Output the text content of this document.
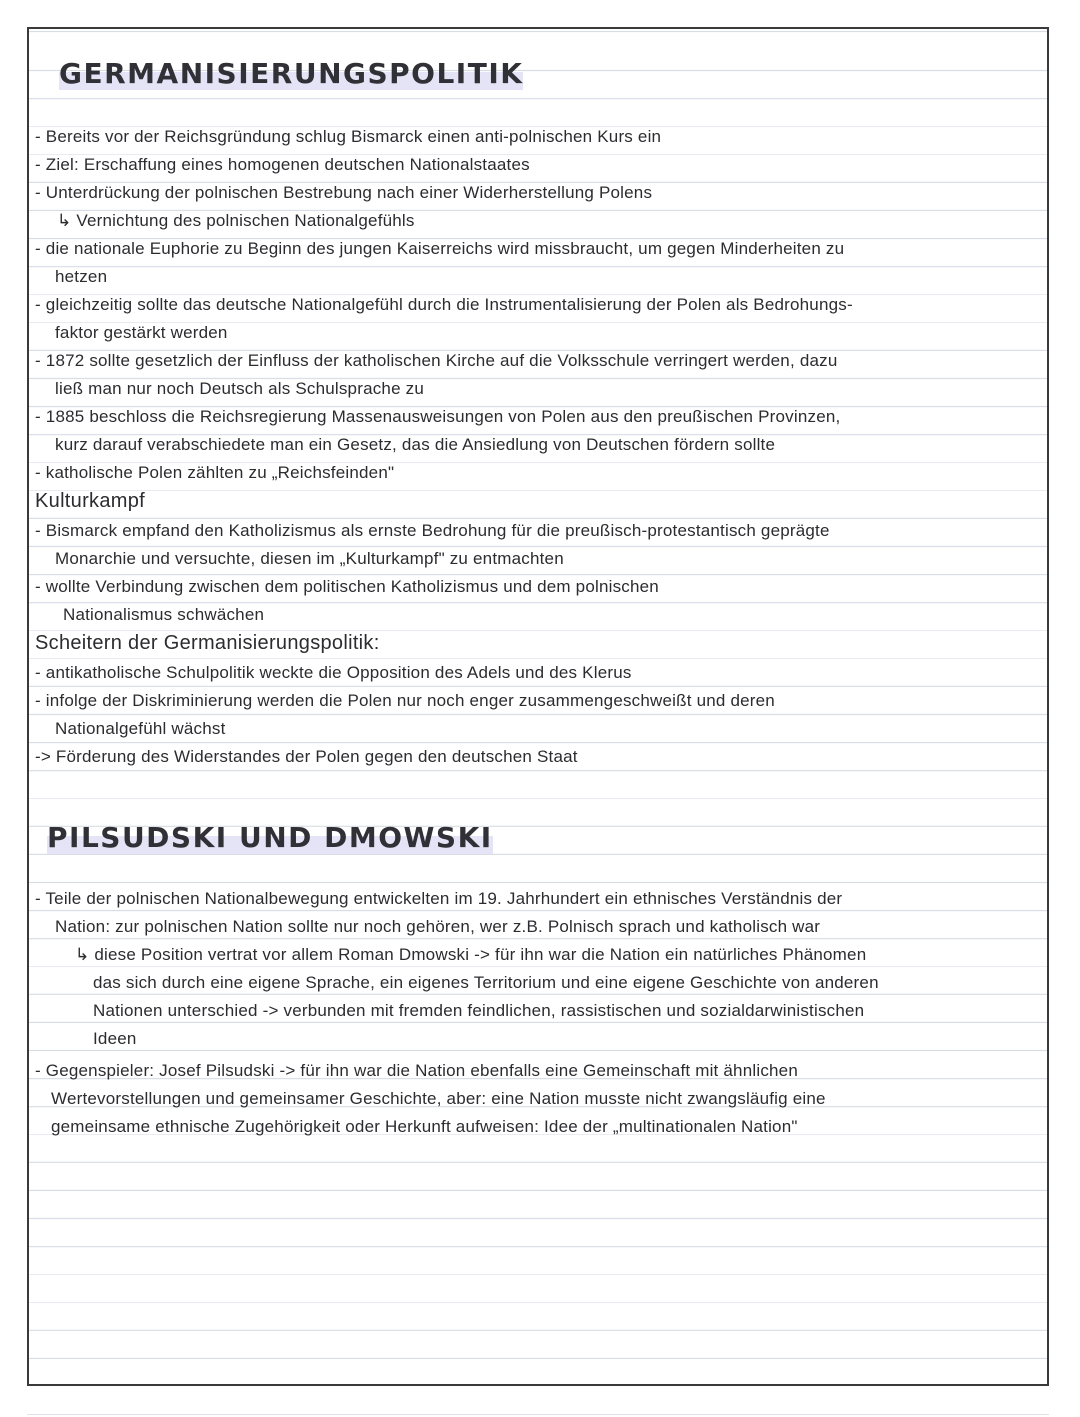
GERMANISIERUNGSPOLITIK
- Bereits vor der Reichsgründung schlug Bismarck einen anti-polnischen Kurs ein
- Ziel: Erschaffung eines homogenen deutschen Nationalstaates
- Unterdrückung der polnischen Bestrebung nach einer Widerherstellung Polens
↳ Vernichtung des polnischen Nationalgefühls
- die nationale Euphorie zu Beginn des jungen Kaiserreichs wird missbraucht, um gegen Minderheiten zu
hetzen
- gleichzeitig sollte das deutsche Nationalgefühl durch die Instrumentalisierung der Polen als Bedrohungs-
faktor gestärkt werden
- 1872 sollte gesetzlich der Einfluss der katholischen Kirche auf die Volksschule verringert werden, dazu
ließ man nur noch Deutsch als Schulsprache zu
- 1885 beschloss die Reichsregierung Massenausweisungen von Polen aus den preußischen Provinzen,
kurz darauf verabschiedete man ein Gesetz, das die Ansiedlung von Deutschen fördern sollte
- katholische Polen zählten zu „Reichsfeinden"
Kulturkampf
- Bismarck empfand den Katholizismus als ernste Bedrohung für die preußisch-protestantisch geprägte
Monarchie und versuchte, diesen im „Kulturkampf" zu entmachten
- wollte Verbindung zwischen dem politischen Katholizismus und dem polnischen
Nationalismus schwächen
Scheitern der Germanisierungspolitik:
- antikatholische Schulpolitik weckte die Opposition des Adels und des Klerus
- infolge der Diskriminierung werden die Polen nur noch enger zusammengeschweißt und deren
Nationalgefühl wächst
-> Förderung des Widerstandes der Polen gegen den deutschen Staat
PILSUDSKI UND DMOWSKI
- Teile der polnischen Nationalbewegung entwickelten im 19. Jahrhundert ein ethnisches Verständnis der
Nation: zur polnischen Nation sollte nur noch gehören, wer z.B. Polnisch sprach und katholisch war
↳ diese Position vertrat vor allem Roman Dmowski -> für ihn war die Nation ein natürliches Phänomen
das sich durch eine eigene Sprache, ein eigenes Territorium und eine eigene Geschichte von anderen
Nationen unterschied -> verbunden mit fremden feindlichen, rassistischen und sozialdarwinistischen
Ideen
- Gegenspieler: Josef Pilsudski -> für ihn war die Nation ebenfalls eine Gemeinschaft mit ähnlichen
Wertevorstellungen und gemeinsamer Geschichte, aber: eine Nation musste nicht zwangsläufig eine
gemeinsame ethnische Zugehörigkeit oder Herkunft aufweisen: Idee der „multinationalen Nation"
